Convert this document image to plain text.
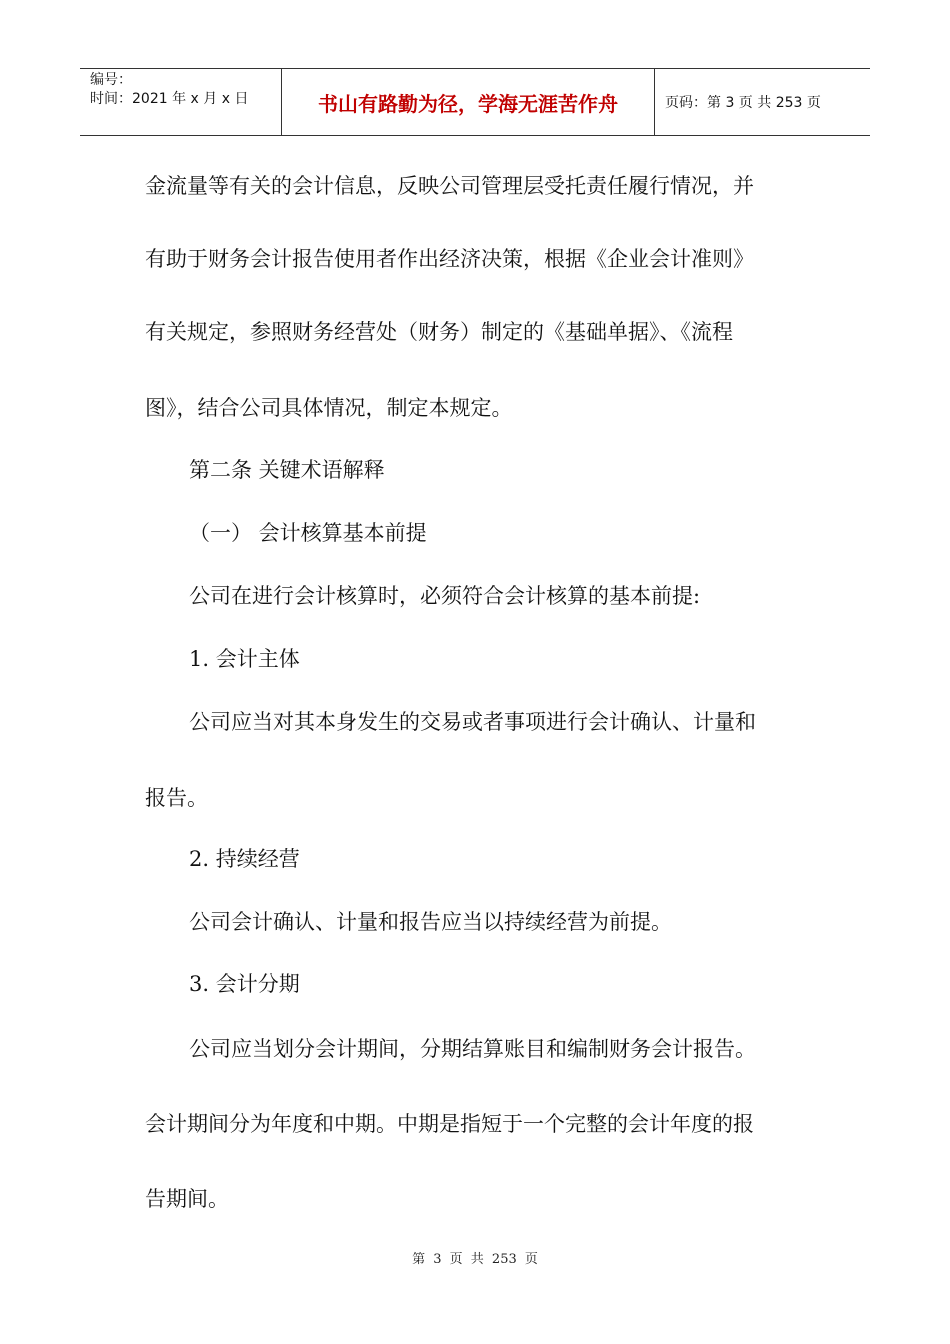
编号：
时间：2021 年 x 月 x 日	书山有路勤为径，学海无涯苦作舟	页码：第 3 页 共 253 页
金流量等有关的会计信息，反映公司管理层受托责任履行情况，并
有助于财务会计报告使用者作出经济决策，根据《企业会计准则》
有关规定，参照财务经营处（财务）制定的《基础单据》、《流程
图》，结合公司具体情况，制定本规定。
第二条 关键术语解释
（一） 会计核算基本前提
公司在进行会计核算时，必须符合会计核算的基本前提:
1. 会计主体
公司应当对其本身发生的交易或者事项进行会计确认、计量和
报告。
2. 持续经营
公司会计确认、计量和报告应当以持续经营为前提。
3. 会计分期
公司应当划分会计期间，分期结算账目和编制财务会计报告。
会计期间分为年度和中期。中期是指短于一个完整的会计年度的报
告期间。
第 3 页 共 253 页
